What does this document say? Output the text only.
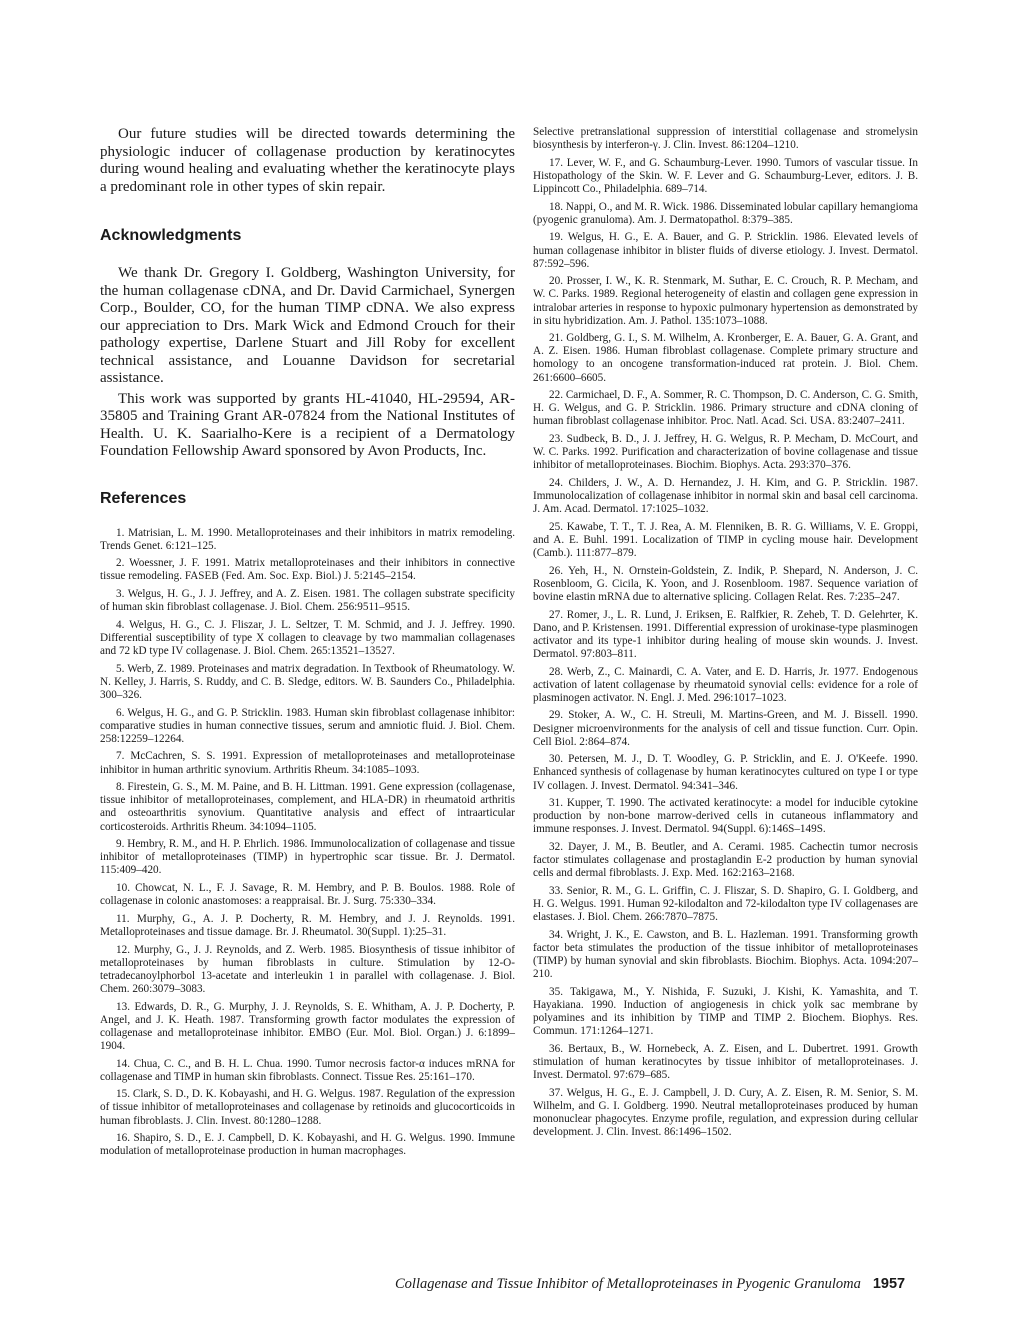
Our future studies will be directed towards determining the physiologic inducer of collagenase production by keratinocytes during wound healing and evaluating whether the keratinocyte plays a predominant role in other types of skin repair.

Acknowledgments

We thank Dr. Gregory I. Goldberg, Washington University, for the human collagenase cDNA, and Dr. David Carmichael, Synergen Corp., Boulder, CO, for the human TIMP cDNA. We also express our appreciation to Drs. Mark Wick and Edmond Crouch for their pathology expertise, Darlene Stuart and Jill Roby for excellent technical assistance, and Louanne Davidson for secretarial assistance.

This work was supported by grants HL-41040, HL-29594, AR-35805 and Training Grant AR-07824 from the National Institutes of Health. U. K. Saarialho-Kere is a recipient of a Dermatology Foundation Fellowship Award sponsored by Avon Products, Inc.

References

1. Matrisian, L. M. 1990. Metalloproteinases and their inhibitors in matrix remodeling. Trends Genet. 6:121–125.

2. Woessner, J. F. 1991. Matrix metalloproteinases and their inhibitors in connective tissue remodeling. FASEB (Fed. Am. Soc. Exp. Biol.) J. 5:2145–2154.

3. Welgus, H. G., J. J. Jeffrey, and A. Z. Eisen. 1981. The collagen substrate specificity of human skin fibroblast collagenase. J. Biol. Chem. 256:9511–9515.

4. Welgus, H. G., C. J. Fliszar, J. L. Seltzer, T. M. Schmid, and J. J. Jeffrey. 1990. Differential susceptibility of type X collagen to cleavage by two mammalian collagenases and 72 kD type IV collagenase. J. Biol. Chem. 265:13521–13527.

5. Werb, Z. 1989. Proteinases and matrix degradation. In Textbook of Rheumatology. W. N. Kelley, J. Harris, S. Ruddy, and C. B. Sledge, editors. W. B. Saunders Co., Philadelphia. 300–326.

6. Welgus, H. G., and G. P. Stricklin. 1983. Human skin fibroblast collagenase inhibitor: comparative studies in human connective tissues, serum and amniotic fluid. J. Biol. Chem. 258:12259–12264.

7. McCachren, S. S. 1991. Expression of metalloproteinases and metalloproteinase inhibitor in human arthritic synovium. Arthritis Rheum. 34:1085–1093.

8. Firestein, G. S., M. M. Paine, and B. H. Littman. 1991. Gene expression (collagenase, tissue inhibitor of metalloproteinases, complement, and HLA-DR) in rheumatoid arthritis and osteoarthritis synovium. Quantitative analysis and effect of intraarticular corticosteroids. Arthritis Rheum. 34:1094–1105.

9. Hembry, R. M., and H. P. Ehrlich. 1986. Immunolocalization of collagenase and tissue inhibitor of metalloproteinases (TIMP) in hypertrophic scar tissue. Br. J. Dermatol. 115:409–420.

10. Chowcat, N. L., F. J. Savage, R. M. Hembry, and P. B. Boulos. 1988. Role of collagenase in colonic anastomoses: a reappraisal. Br. J. Surg. 75:330–334.

11. Murphy, G., A. J. P. Docherty, R. M. Hembry, and J. J. Reynolds. 1991. Metalloproteinases and tissue damage. Br. J. Rheumatol. 30(Suppl. 1):25–31.

12. Murphy, G., J. J. Reynolds, and Z. Werb. 1985. Biosynthesis of tissue inhibitor of metalloproteinases by human fibroblasts in culture. Stimulation by 12-O-tetradecanoylphorbol 13-acetate and interleukin 1 in parallel with collagenase. J. Biol. Chem. 260:3079–3083.

13. Edwards, D. R., G. Murphy, J. J. Reynolds, S. E. Whitham, A. J. P. Docherty, P. Angel, and J. K. Heath. 1987. Transforming growth factor modulates the expression of collagenase and metalloproteinase inhibitor. EMBO (Eur. Mol. Biol. Organ.) J. 6:1899–1904.

14. Chua, C. C., and B. H. L. Chua. 1990. Tumor necrosis factor-α induces mRNA for collagenase and TIMP in human skin fibroblasts. Connect. Tissue Res. 25:161–170.

15. Clark, S. D., D. K. Kobayashi, and H. G. Welgus. 1987. Regulation of the expression of tissue inhibitor of metalloproteinases and collagenase by retinoids and glucocorticoids in human fibroblasts. J. Clin. Invest. 80:1280–1288.

16. Shapiro, S. D., E. J. Campbell, D. K. Kobayashi, and H. G. Welgus. 1990. Immune modulation of metalloproteinase production in human macrophages.

Selective pretranslational suppression of interstitial collagenase and stromelysin biosynthesis by interferon-γ. J. Clin. Invest. 86:1204–1210.

17. Lever, W. F., and G. Schaumburg-Lever. 1990. Tumors of vascular tissue. In Histopathology of the Skin. W. F. Lever and G. Schaumburg-Lever, editors. J. B. Lippincott Co., Philadelphia. 689–714.

18. Nappi, O., and M. R. Wick. 1986. Disseminated lobular capillary hemangioma (pyogenic granuloma). Am. J. Dermatopathol. 8:379–385.

19. Welgus, H. G., E. A. Bauer, and G. P. Stricklin. 1986. Elevated levels of human collagenase inhibitor in blister fluids of diverse etiology. J. Invest. Dermatol. 87:592–596.

20. Prosser, I. W., K. R. Stenmark, M. Suthar, E. C. Crouch, R. P. Mecham, and W. C. Parks. 1989. Regional heterogeneity of elastin and collagen gene expression in intralobar arteries in response to hypoxic pulmonary hypertension as demonstrated by in situ hybridization. Am. J. Pathol. 135:1073–1088.

21. Goldberg, G. I., S. M. Wilhelm, A. Kronberger, E. A. Bauer, G. A. Grant, and A. Z. Eisen. 1986. Human fibroblast collagenase. Complete primary structure and homology to an oncogene transformation-induced rat protein. J. Biol. Chem. 261:6600–6605.

22. Carmichael, D. F., A. Sommer, R. C. Thompson, D. C. Anderson, C. G. Smith, H. G. Welgus, and G. P. Stricklin. 1986. Primary structure and cDNA cloning of human fibroblast collagenase inhibitor. Proc. Natl. Acad. Sci. USA. 83:2407–2411.

23. Sudbeck, B. D., J. J. Jeffrey, H. G. Welgus, R. P. Mecham, D. McCourt, and W. C. Parks. 1992. Purification and characterization of bovine collagenase and tissue inhibitor of metalloproteinases. Biochim. Biophys. Acta. 293:370–376.

24. Childers, J. W., A. D. Hernandez, J. H. Kim, and G. P. Stricklin. 1987. Immunolocalization of collagenase inhibitor in normal skin and basal cell carcinoma. J. Am. Acad. Dermatol. 17:1025–1032.

25. Kawabe, T. T., T. J. Rea, A. M. Flenniken, B. R. G. Williams, V. E. Groppi, and A. E. Buhl. 1991. Localization of TIMP in cycling mouse hair. Development (Camb.). 111:877–879.

26. Yeh, H., N. Ornstein-Goldstein, Z. Indik, P. Shepard, N. Anderson, J. C. Rosenbloom, G. Cicila, K. Yoon, and J. Rosenbloom. 1987. Sequence variation of bovine elastin mRNA due to alternative splicing. Collagen Relat. Res. 7:235–247.

27. Romer, J., L. R. Lund, J. Eriksen, E. Ralfkier, R. Zeheb, T. D. Gelehrter, K. Dano, and P. Kristensen. 1991. Differential expression of urokinase-type plasminogen activator and its type-1 inhibitor during healing of mouse skin wounds. J. Invest. Dermatol. 97:803–811.

28. Werb, Z., C. Mainardi, C. A. Vater, and E. D. Harris, Jr. 1977. Endogenous activation of latent collagenase by rheumatoid synovial cells: evidence for a role of plasminogen activator. N. Engl. J. Med. 296:1017–1023.

29. Stoker, A. W., C. H. Streuli, M. Martins-Green, and M. J. Bissell. 1990. Designer microenvironments for the analysis of cell and tissue function. Curr. Opin. Cell Biol. 2:864–874.

30. Petersen, M. J., D. T. Woodley, G. P. Stricklin, and E. J. O'Keefe. 1990. Enhanced synthesis of collagenase by human keratinocytes cultured on type I or type IV collagen. J. Invest. Dermatol. 94:341–346.

31. Kupper, T. 1990. The activated keratinocyte: a model for inducible cytokine production by non-bone marrow-derived cells in cutaneous inflammatory and immune responses. J. Invest. Dermatol. 94(Suppl. 6):146S–149S.

32. Dayer, J. M., B. Beutler, and A. Cerami. 1985. Cachectin tumor necrosis factor stimulates collagenase and prostaglandin E-2 production by human synovial cells and dermal fibroblasts. J. Exp. Med. 162:2163–2168.

33. Senior, R. M., G. L. Griffin, C. J. Fliszar, S. D. Shapiro, G. I. Goldberg, and H. G. Welgus. 1991. Human 92-kilodalton and 72-kilodalton type IV collagenases are elastases. J. Biol. Chem. 266:7870–7875.

34. Wright, J. K., E. Cawston, and B. L. Hazleman. 1991. Transforming growth factor beta stimulates the production of the tissue inhibitor of metalloproteinases (TIMP) by human synovial and skin fibroblasts. Biochim. Biophys. Acta. 1094:207–210.

35. Takigawa, M., Y. Nishida, F. Suzuki, J. Kishi, K. Yamashita, and T. Hayakiana. 1990. Induction of angiogenesis in chick yolk sac membrane by polyamines and its inhibition by TIMP and TIMP 2. Biochem. Biophys. Res. Commun. 171:1264–1271.

36. Bertaux, B., W. Hornebeck, A. Z. Eisen, and L. Dubertret. 1991. Growth stimulation of human keratinocytes by tissue inhibitor of metalloproteinases. J. Invest. Dermatol. 97:679–685.

37. Welgus, H. G., E. J. Campbell, J. D. Cury, A. Z. Eisen, R. M. Senior, S. M. Wilhelm, and G. I. Goldberg. 1990. Neutral metalloproteinases produced by human mononuclear phagocytes. Enzyme profile, regulation, and expression during cellular development. J. Clin. Invest. 86:1496–1502.

Collagenase and Tissue Inhibitor of Metalloproteinases in Pyogenic Granuloma 1957
